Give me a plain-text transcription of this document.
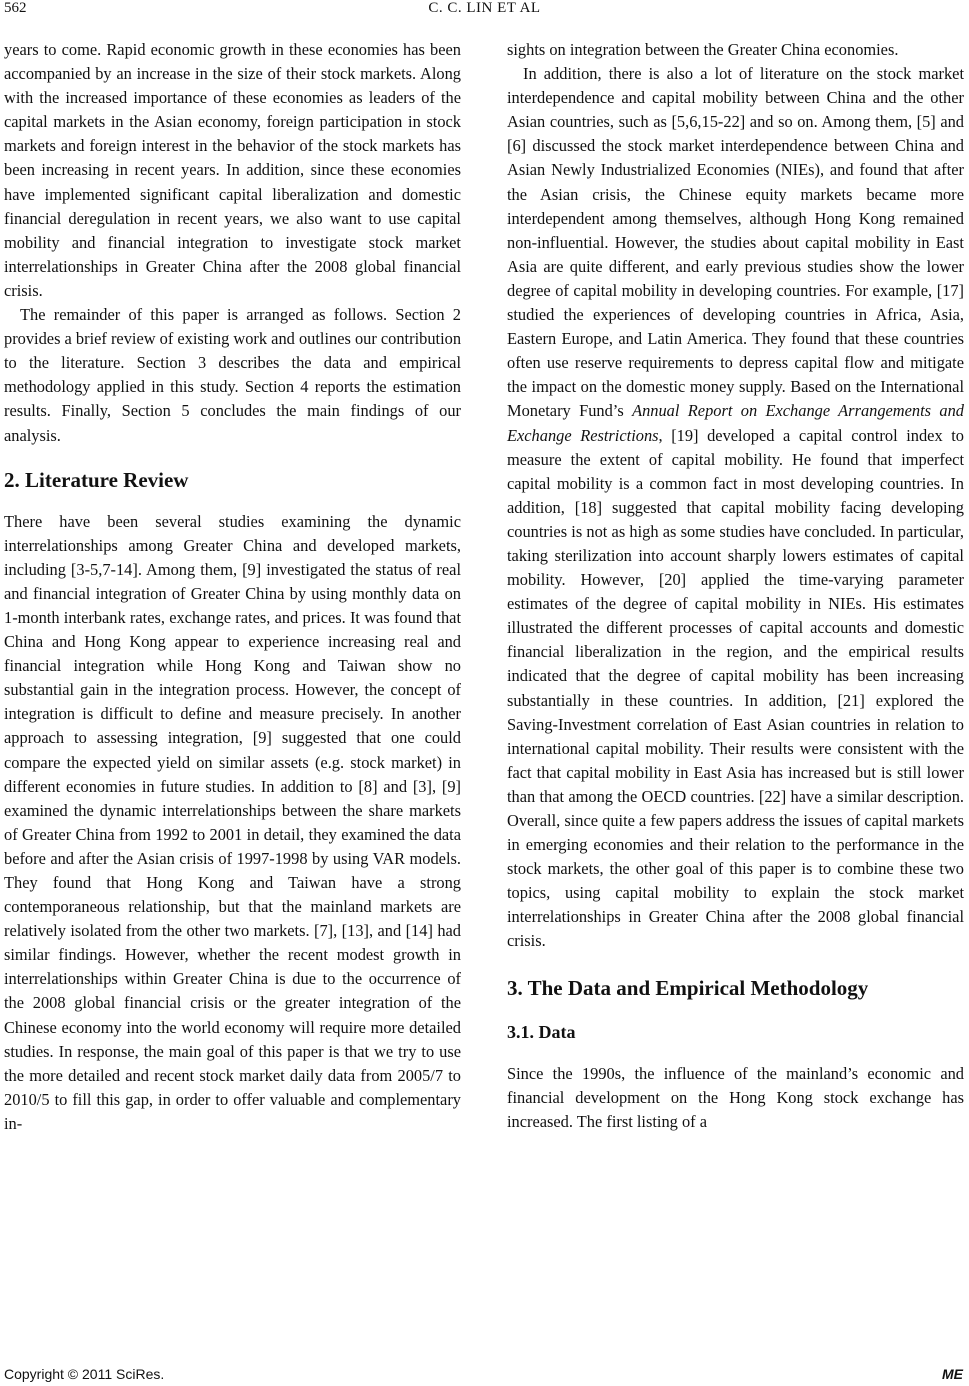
562	C. C. LIN ET AL

years to come. Rapid economic growth in these economies has been accompanied by an increase in the size of their stock markets. Along with the increased importance of these economies as leaders of the capital markets in the Asian economy, foreign participation in stock markets and foreign interest in the behavior of the stock markets has been increasing in recent years. In addition, since these economies have implemented significant capital liberalization and domestic financial deregulation in recent years, we also want to use capital mobility and financial integration to investigate stock market interrelationships in Greater China after the 2008 global financial crisis.

The remainder of this paper is arranged as follows. Section 2 provides a brief review of existing work and outlines our contribution to the literature. Section 3 describes the data and empirical methodology applied in this study. Section 4 reports the estimation results. Finally, Section 5 concludes the main findings of our analysis.

2. Literature Review

There have been several studies examining the dynamic interrelationships among Greater China and developed markets, including [3-5,7-14]. Among them, [9] investigated the status of real and financial integration of Greater China by using monthly data on 1-month interbank rates, exchange rates, and prices. It was found that China and Hong Kong appear to experience increasing real and financial integration while Hong Kong and Taiwan show no substantial gain in the integration process. However, the concept of integration is difficult to define and measure precisely. In another approach to assessing integration, [9] suggested that one could compare the expected yield on similar assets (e.g. stock market) in different economies in future studies. In addition to [8] and [3], [9] examined the dynamic interrelationships between the share markets of Greater China from 1992 to 2001 in detail, they examined the data before and after the Asian crisis of 1997-1998 by using VAR models. They found that Hong Kong and Taiwan have a strong contemporaneous relationship, but that the mainland markets are relatively isolated from the other two markets. [7], [13], and [14] had similar findings. However, whether the recent modest growth in interrelationships within Greater China is due to the occurrence of the 2008 global financial crisis or the greater integration of the Chinese economy into the world economy will require more detailed studies. In response, the main goal of this paper is that we try to use the more detailed and recent stock market daily data from 2005/7 to 2010/5 to fill this gap, in order to offer valuable and complementary in-

sights on integration between the Greater China economies.

In addition, there is also a lot of literature on the stock market interdependence and capital mobility between China and the other Asian countries, such as [5,6,15-22] and so on. Among them, [5] and [6] discussed the stock market interdependence between China and Asian Newly Industrialized Economies (NIEs), and found that after the Asian crisis, the Chinese equity markets became more interdependent among themselves, although Hong Kong remained non-influential. However, the studies about capital mobility in East Asia are quite different, and early previous studies show the lower degree of capital mobility in developing countries. For example, [17] studied the experiences of developing countries in Africa, Asia, Eastern Europe, and Latin America. They found that these countries often use reserve requirements to depress capital flow and mitigate the impact on the domestic money supply. Based on the International Monetary Fund’s Annual Report on Exchange Arrangements and Exchange Restrictions, [19] developed a capital control index to measure the extent of capital mobility. He found that imperfect capital mobility is a common fact in most developing countries. In addition, [18] suggested that capital mobility facing developing countries is not as high as some studies have concluded. In particular, taking sterilization into account sharply lowers estimates of capital mobility. However, [20] applied the time-varying parameter estimates of the degree of capital mobility in NIEs. His estimates illustrated the different processes of capital accounts and domestic financial liberalization in the region, and the empirical results indicated that the degree of capital mobility has been increasing substantially in these countries. In addition, [21] explored the Saving-Investment correlation of East Asian countries in relation to international capital mobility. Their results were consistent with the fact that capital mobility in East Asia has increased but is still lower than that among the OECD countries. [22] have a similar description. Overall, since quite a few papers address the issues of capital markets in emerging economies and their relation to the performance in the stock markets, the other goal of this paper is to combine these two topics, using capital mobility to explain the stock market interrelationships in Greater China after the 2008 global financial crisis.

3. The Data and Empirical Methodology
3.1. Data

Since the 1990s, the influence of the mainland’s economic and financial development on the Hong Kong stock exchange has increased. The first listing of a

Copyright © 2011 SciRes.	ME
